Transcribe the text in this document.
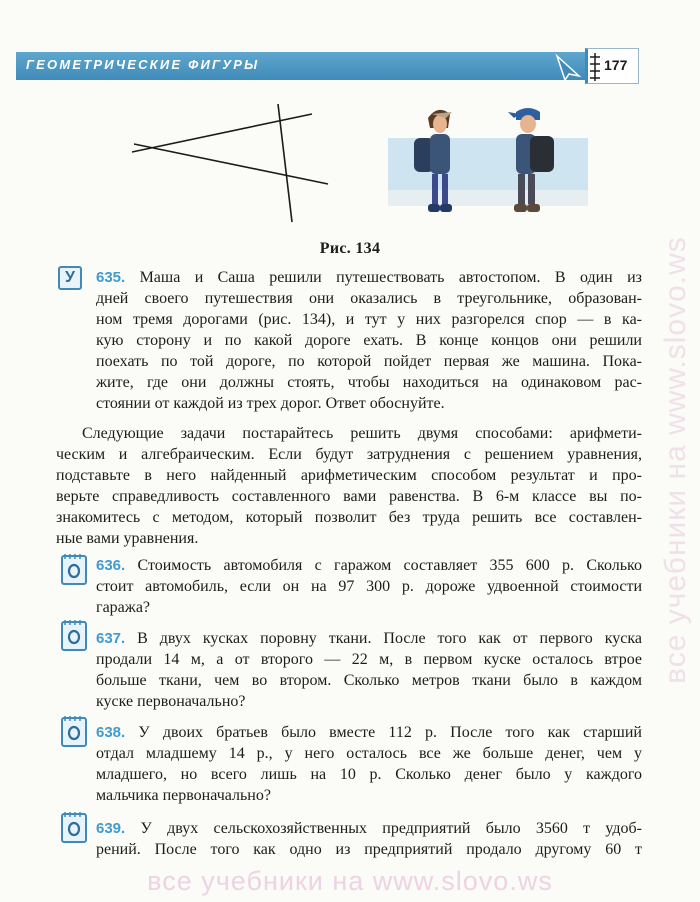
ГЕОМЕТРИЧЕСКИЕ ФИГУРЫ	177
Рис. 134
У	635. Маша и Саша решили путешествовать автостопом. В один из
дней своего путешествия они оказались в треугольнике, образован-
ном тремя дорогами (рис. 134), и тут у них разгорелся спор — в ка-
кую сторону и по какой дороге ехать. В конце концов они решили
поехать по той дороге, по которой пойдет первая же машина. Пока-
жите, где они должны стоять, чтобы находиться на одинаковом рас-
стоянии от каждой из трех дорог. Ответ обоснуйте.
Следующие задачи постарайтесь решить двумя способами: арифмети-
ческим и алгебраическим. Если будут затруднения с решением уравнения,
подставьте в него найденный арифметическим способом результат и про-
верьте справедливость составленного вами равенства. В 6-м классе вы по-
знакомитесь с методом, который позволит без труда решить все составлен-
ные вами уравнения.
636. Стоимость автомобиля с гаражом составляет 355 600 р. Сколько
стоит автомобиль, если он на 97 300 р. дороже удвоенной стоимости
гаража?
637. В двух кусках поровну ткани. После того как от первого куска
продали 14 м, а от второго — 22 м, в первом куске осталось втрое
больше ткани, чем во втором. Сколько метров ткани было в каждом
куске первоначально?
638. У двоих братьев было вместе 112 р. После того как старший
отдал младшему 14 р., у него осталось все же больше денег, чем у
младшего, но всего лишь на 10 р. Сколько денег было у каждого
мальчика первоначально?
639. У двух сельскохозяйственных предприятий было 3560 т удоб-
рений. После того как одно из предприятий продало другому 60 т
все учебники на www.slovo.ws
все учебники на www.slovo.ws
